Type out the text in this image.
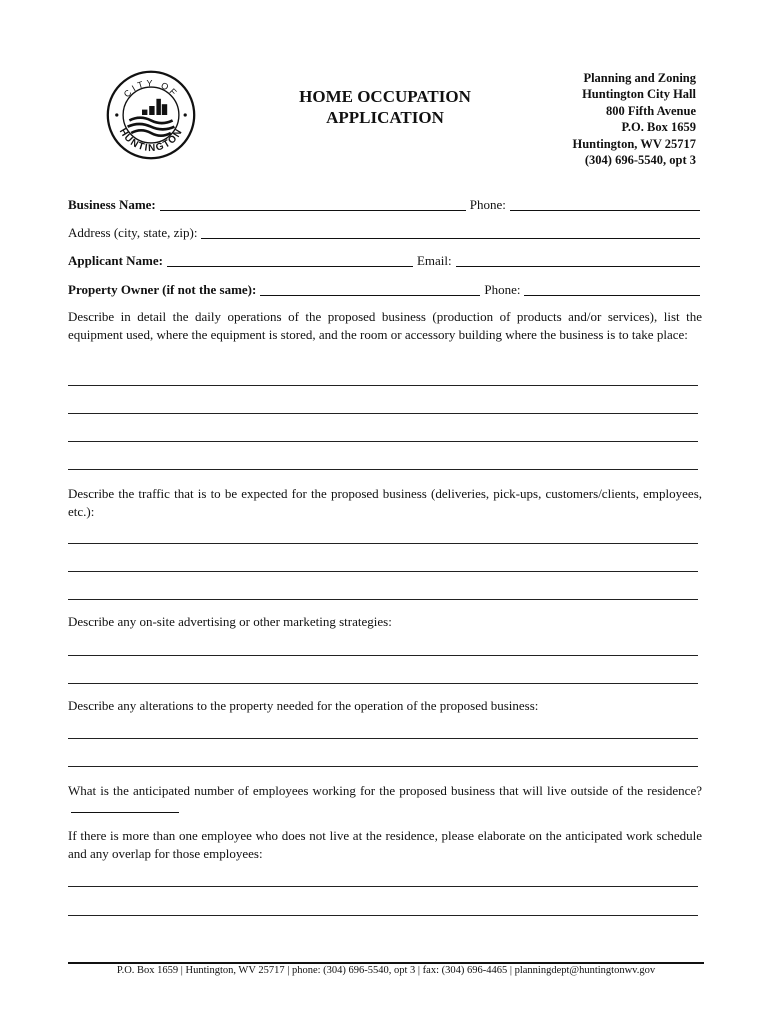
CITY OF
HUNTINGTON
HOME OCCUPATION
APPLICATION
Planning and Zoning
Huntington City Hall
800 Fifth Avenue
P.O. Box 1659
Huntington, WV 25717
(304) 696-5540, opt 3
Business Name:	Phone:
Address (city, state, zip):
Applicant Name:	Email:
Property Owner (if not the same):	Phone:
Describe in detail the daily operations of the proposed business (production of products and/or services), list the equipment used, where the equipment is stored, and the room or accessory building where the business is to take place:
Describe the traffic that is to be expected for the proposed business (deliveries, pick-ups, customers/clients, employees, etc.):
Describe any on-site advertising or other marketing strategies:
Describe any alterations to the property needed for the operation of the proposed business:
What is the anticipated number of employees working for the proposed business that will live outside of the residence?
If there is more than one employee who does not live at the residence, please elaborate on the anticipated work schedule and any overlap for those employees:
P.O. Box 1659 | Huntington, WV 25717 | phone: (304) 696-5540, opt 3 | fax: (304) 696-4465 | planningdept@huntingtonwv.gov
